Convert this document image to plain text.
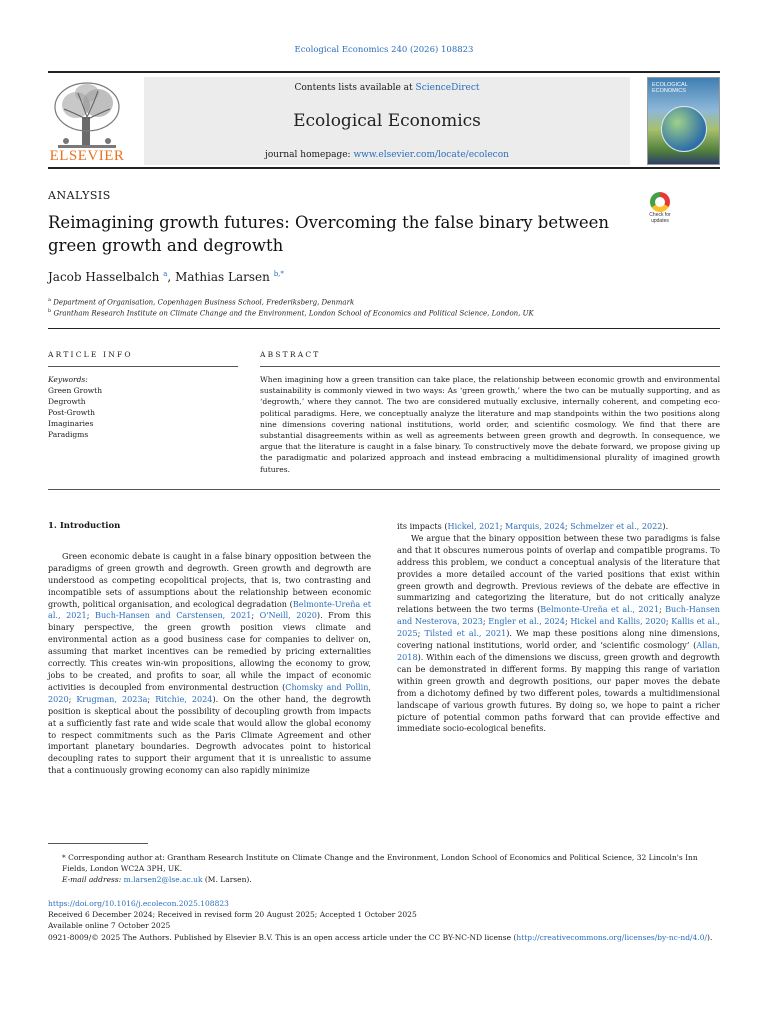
Ecological Economics 240 (2026) 108823
ELSEVIER
Contents lists available at ScienceDirect
Ecological Economics
journal homepage: www.elsevier.com/locate/ecolecon
ECOLOGICAL ECONOMICS
ANALYSIS
Check for updates
Reimagining growth futures: Overcoming the false binary between green growth and degrowth
Jacob Hasselbalch $^a$, Mathias Larsen $^{b,*}$
$^a$ Department of Organisation, Copenhagen Business School, Frederiksberg, Denmark
$^b$ Grantham Research Institute on Climate Change and the Environment, London School of Economics and Political Science, London, UK
ARTICLE INFO	ABSTRACT
Keywords:
Green Growth
Degrowth
Post-Growth
Imaginaries
Paradigms
When imagining how a green transition can take place, the relationship between economic growth and environmental sustainability is commonly viewed in two ways: As ‘green growth,’ where the two can be mutually supporting, and as ‘degrowth,’ where they cannot. The two are considered mutually exclusive, internally coherent, and competing eco-political paradigms. Here, we conceptually analyze the literature and map standpoints within the two positions along nine dimensions covering national institutions, world order, and scientific cosmology. We find that there are substantial disagreements within as well as agreements between green growth and degrowth. In consequence, we argue that the literature is caught in a false binary. To constructively move the debate forward, we propose giving up the paradigmatic and polarized approach and instead embracing a multidimensional plurality of imagined growth futures.
1. Introduction

Green economic debate is caught in a false binary opposition between the paradigms of green growth and degrowth. Green growth and degrowth are understood as competing ecopolitical projects, that is, two contrasting and incompatible sets of assumptions about the relationship between economic growth, political organisation, and ecological degradation (Belmonte-Ureña et al., 2021; Buch-Hansen and Carstensen, 2021; O'Neill, 2020). From this binary perspective, the green growth position views climate and environmental action as a good business case for companies to deliver on, assuming that market incentives can be remedied by pricing externalities correctly. This creates win-win propositions, allowing the economy to grow, jobs to be created, and profits to soar, all while the impact of economic activities is decoupled from environmental destruction (Chomsky and Pollin, 2020; Krugman, 2023a; Ritchie, 2024). On the other hand, the degrowth position is skeptical about the possibility of decoupling growth from impacts at a sufficiently fast rate and wide scale that would allow the global economy to respect commitments such as the Paris Climate Agreement and other important planetary boundaries. Degrowth advocates point to historical decoupling rates to support their argument that it is unrealistic to assume that a continuously growing economy can also rapidly minimize

its impacts (Hickel, 2021; Marquis, 2024; Schmelzer et al., 2022).

We argue that the binary opposition between these two paradigms is false and that it obscures numerous points of overlap and compatible programs. To address this problem, we conduct a conceptual analysis of the literature that provides a more detailed account of the varied positions that exist within green growth and degrowth. Previous reviews of the debate are effective in summarizing and categorizing the literature, but do not critically analyze relations between the two terms (Belmonte-Ureña et al., 2021; Buch-Hansen and Nesterova, 2023; Engler et al., 2024; Hickel and Kallis, 2020; Kallis et al., 2025; Tilsted et al., 2021). We map these positions along nine dimensions, covering national institutions, world order, and ‘scientific cosmology’ (Allan, 2018). Within each of the dimensions we discuss, green growth and degrowth can be demonstrated in different forms. By mapping this range of variation within green growth and degrowth positions, our paper moves the debate from a dichotomy defined by two different poles, towards a multidimensional landscape of various growth futures. By doing so, we hope to paint a richer picture of potential common paths forward that can provide effective and immediate socio-ecological benefits.

* Corresponding author at: Grantham Research Institute on Climate Change and the Environment, London School of Economics and Political Science, 32 Lincoln's Inn Fields, London WC2A 3PH, UK.
E-mail address: m.larsen2@lse.ac.uk (M. Larsen).
https://doi.org/10.1016/j.ecolecon.2025.108823
Received 6 December 2024; Received in revised form 20 August 2025; Accepted 1 October 2025
Available online 7 October 2025
0921-8009/© 2025 The Authors. Published by Elsevier B.V. This is an open access article under the CC BY-NC-ND license (http://creativecommons.org/licenses/by-nc-nd/4.0/).
